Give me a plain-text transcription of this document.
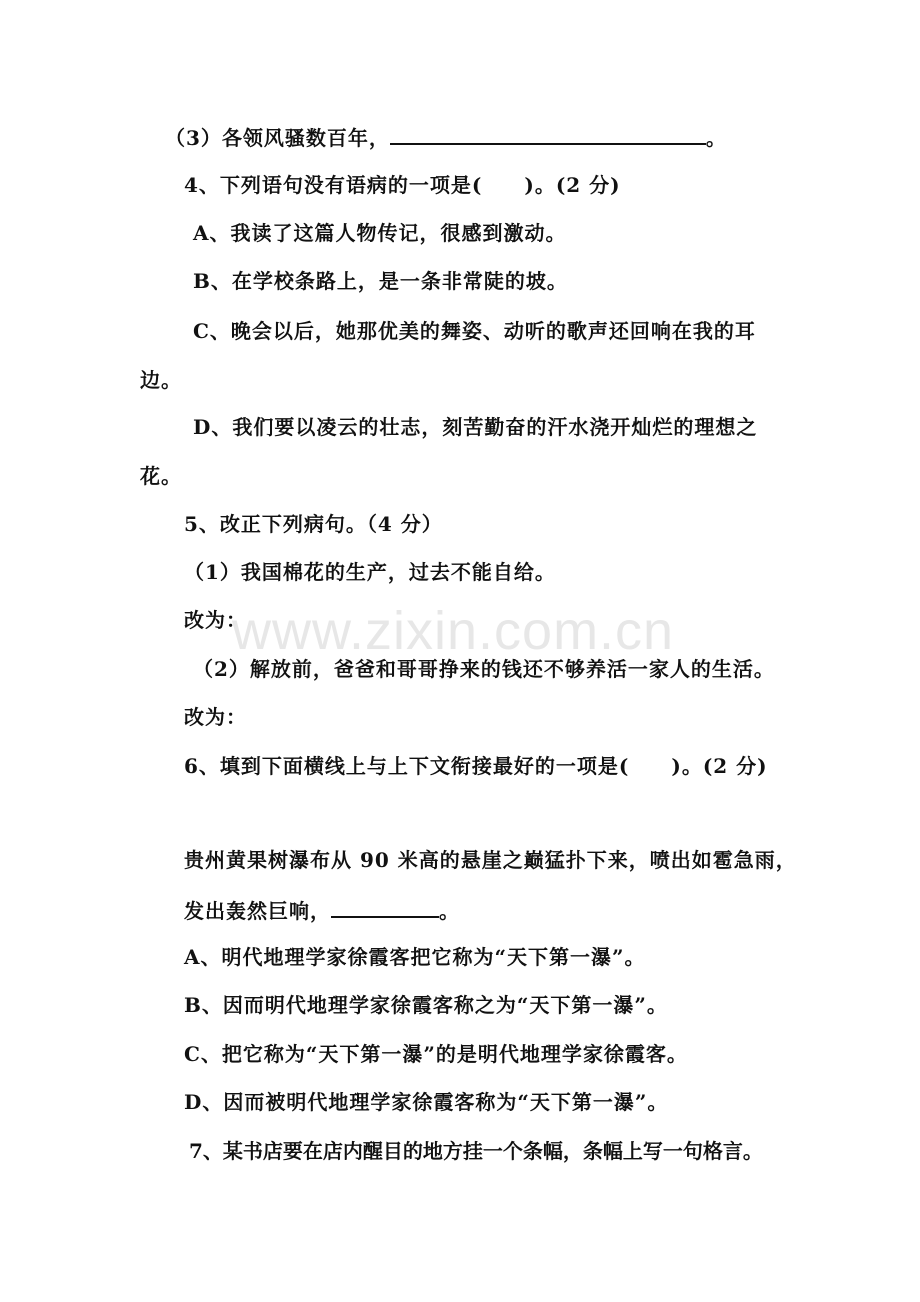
www.zixin.com.cn
（3）各领风骚数百年，	。
4、下列语句没有语病的一项是(　　)。(2 分)
A、我读了这篇人物传记，很感到激动。
B、在学校条路上，是一条非常陡的坡。
C、晚会以后，她那优美的舞姿、动听的歌声还回响在我的耳
边。
D、我们要以凌云的壮志，刻苦勤奋的汗水浇开灿烂的理想之
花。
5、改正下列病句。（4 分）
（1）我国棉花的生产，过去不能自给。
改为：
（2）解放前，爸爸和哥哥挣来的钱还不够养活一家人的生活。
改为：
6、填到下面横线上与上下文衔接最好的一项是(　　)。(2 分)
贵州黄果树瀑布从 90 米高的悬崖之巅猛扑下来，喷出如雹急雨，
发出轰然巨响，	。
A、明代地理学家徐霞客把它称为“天下第一瀑”。
B、因而明代地理学家徐霞客称之为“天下第一瀑”。
C、把它称为“天下第一瀑”的是明代地理学家徐霞客。
D、因而被明代地理学家徐霞客称为“天下第一瀑”。
7、某书店要在店内醒目的地方挂一个条幅，条幅上写一句格言。
